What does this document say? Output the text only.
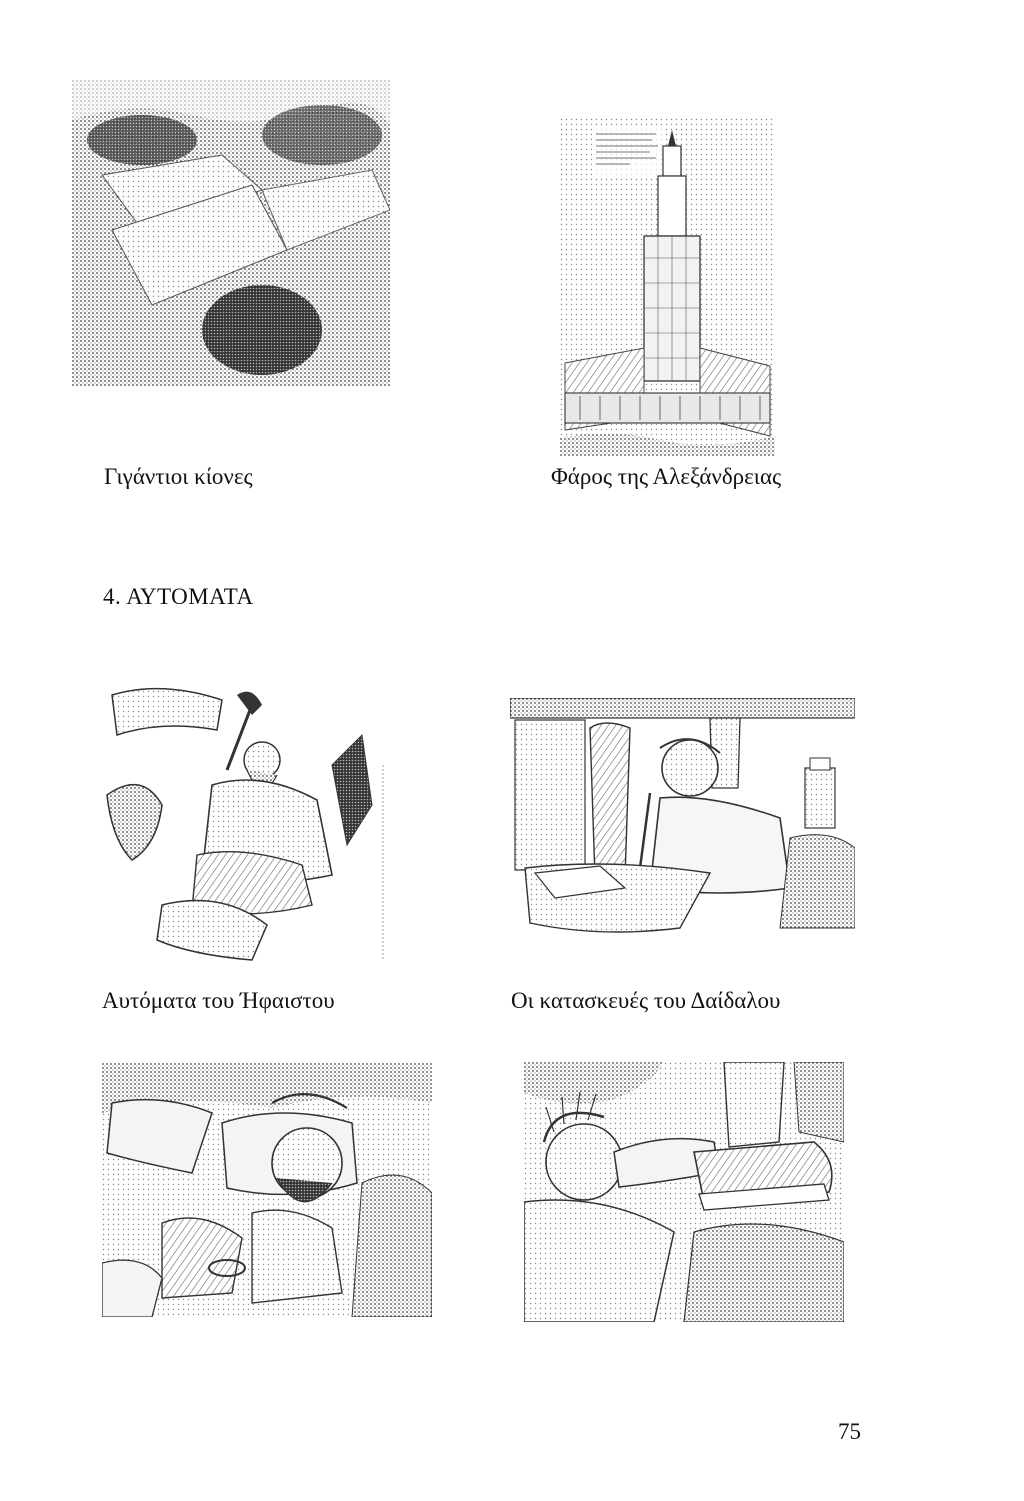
Γιγάντιοι κίονες	Φάρος της Αλεξάνδρειας
4. ΑΥΤΟΜΑΤΑ
Αυτόματα του Ήφαιστου	Οι κατασκευές του Δαίδαλου
75
